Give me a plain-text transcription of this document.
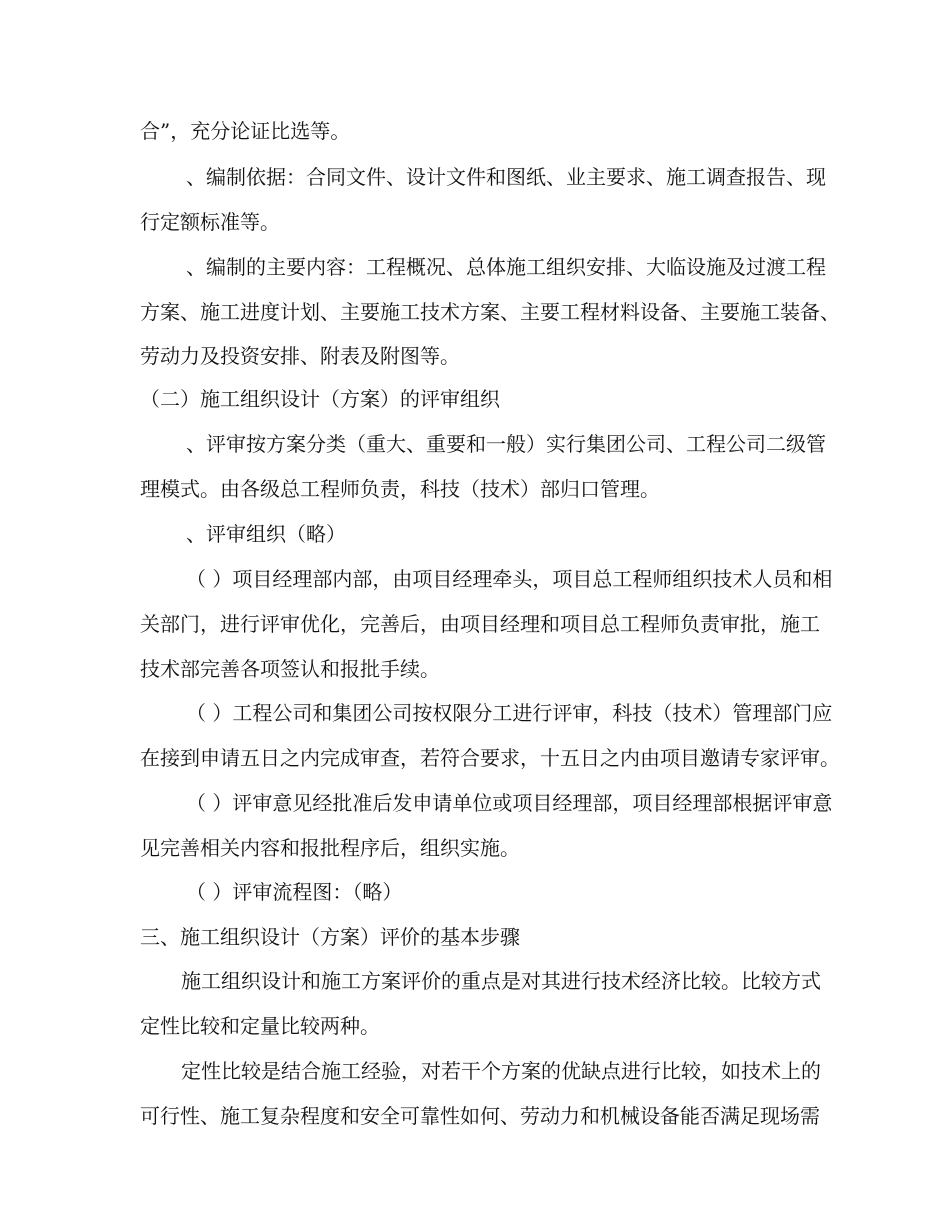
合”，充分论证比选等。
、编制依据：合同文件、设计文件和图纸、业主要求、施工调查报告、现
行定额标准等。
、编制的主要内容：工程概况、总体施工组织安排、大临设施及过渡工程
方案、施工进度计划、主要施工技术方案、主要工程材料设备、主要施工装备、
劳动力及投资安排、附表及附图等。
（二）施工组织设计（方案）的评审组织
、评审按方案分类（重大、重要和一般）实行集团公司、工程公司二级管
理模式。由各级总工程师负责，科技（技术）部归口管理。
、评审组织（略）
（ ）项目经理部内部，由项目经理牵头，项目总工程师组织技术人员和相
关部门，进行评审优化，完善后，由项目经理和项目总工程师负责审批，施工
技术部完善各项签认和报批手续。
（ ）工程公司和集团公司按权限分工进行评审，科技（技术）管理部门应
在接到申请五日之内完成审查，若符合要求，十五日之内由项目邀请专家评审。
（ ）评审意见经批准后发申请单位或项目经理部，项目经理部根据评审意
见完善相关内容和报批程序后，组织实施。
（ ）评审流程图：（略）
三、施工组织设计（方案）评价的基本步骤
施工组织设计和施工方案评价的重点是对其进行技术经济比较。比较方式
定性比较和定量比较两种。
定性比较是结合施工经验，对若干个方案的优缺点进行比较，如技术上的
可行性、施工复杂程度和安全可靠性如何、劳动力和机械设备能否满足现场需
